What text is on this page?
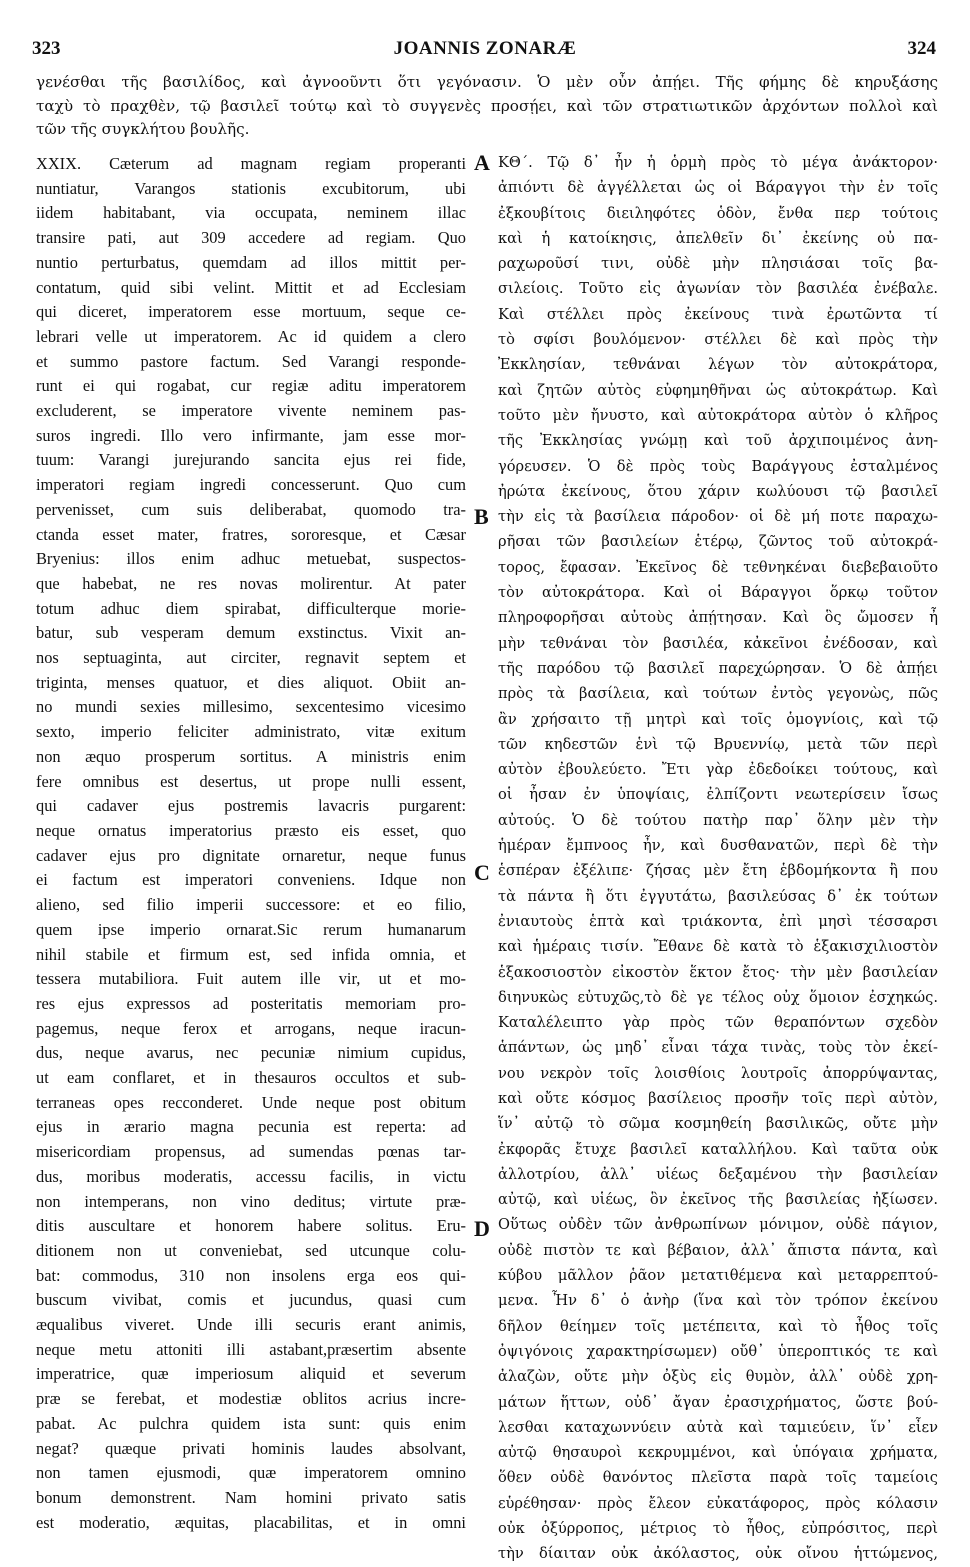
323	JOANNIS ZONARÆ	324
γενέσθαι τῆς βασιλίδος, καὶ ἀγνοοῦντι ὅτι γεγόνασιν. Ὁ μὲν οὖν ἀπῄει. Τῆς φήμης δὲ κηρυξάσης
ταχὺ τὸ πραχθὲν, τῷ βασιλεῖ τούτῳ καὶ τὸ συγγενὲς προσῄει, καὶ τῶν στρατιωτικῶν ἀρχόντων πολλοὶ καὶ
τῶν τῆς συγκλήτου βουλῆς.
XXIX. Cæterum ad magnam regiam properanti
nuntiatur, Varangos stationis excubitorum, ubi
iidem habitabant, via occupata, neminem illac
transire pati, aut 309 accedere ad regiam. Quo
nuntio perturbatus, quemdam ad illos mittit per-
contatum, quid sibi velint. Mittit et ad Ecclesiam
qui diceret, imperatorem esse mortuum, seque ce-
lebrari velle ut imperatorem. Ac id quidem a clero
et summo pastore factum. Sed Varangi responde-
runt ei qui rogabat, cur regiæ aditu imperatorem
excluderent, se imperatore vivente neminem pas-
suros ingredi. Illo vero infirmante, jam esse mor-
tuum: Varangi jurejurando sancita ejus rei fide,
imperatori regiam ingredi concesserunt. Quo cum
pervenisset, cum suis deliberabat, quomodo tra-
ctanda esset mater, fratres, sororesque, et Cæsar
Bryenius: illos enim adhuc metuebat, suspectos-
que habebat, ne res novas molirentur. At pater
totum adhuc diem spirabat, difficulterque morie-
batur, sub vesperam demum exstinctus. Vixit an-
nos septuaginta, aut circiter, regnavit septem et
triginta, menses quatuor, et dies aliquot. Obiit an-
no mundi sexies millesimo, sexcentesimo vicesimo
sexto, imperio feliciter administrato, vitæ exitum
non æquo prosperum sortitus. A ministris enim
fere omnibus est desertus, ut prope nulli essent,
qui cadaver ejus postremis lavacris purgarent:
neque ornatus imperatorius præsto eis esset, quo
cadaver ejus pro dignitate ornaretur, neque funus
ei factum est imperatori conveniens. Idque non
alieno, sed filio imperii successore: et eo filio,
quem ipse imperio ornarat.Sic rerum humanarum
nihil stabile et firmum est, sed infida omnia, et
tessera mutabiliora. Fuit autem ille vir, ut et mo-
res ejus expressos ad posteritatis memoriam pro-
pagemus, neque ferox et arrogans, neque iracun-
dus, neque avarus, nec pecuniæ nimium cupidus,
ut eam conflaret, et in thesauros occultos et sub-
terraneas opes recconderet. Unde neque post obitum
ejus in ærario magna pecunia est reperta: ad
misericordiam propensus, ad sumendas pœnas tar-
dus, moribus moderatis, accessu facilis, in victu
non intemperans, non vino deditus; virtute præ-
ditis auscultare et honorem habere solitus. Eru-
ditionem non ut conveniebat, sed utcunque colu-
bat: commodus, 310 non insolens erga eos qui-
buscum vivibat, comis et jucundus, quasi cum
æqualibus viveret. Unde illi securis erant animis,
neque metu attoniti illi astabant,præsertim absente
imperatrice, quæ imperiosum aliquid et severum
præ se ferebat, et modestiæ oblitos acrius incre-
pabat. Ac pulchra quidem ista sunt: quis enim
negat? quæque privati hominis laudes absolvant,
non tamen ejusmodi, quæ imperatorem omnino
bonum demonstrent. Nam homini privato satis
est moderatio, æquitas, placabilitas, et in omni
ΚΘ΄. Τῷ δ᾽ ἦν ἡ ὁρμὴ πρὸς τὸ μέγα ἀνάκτορον·
ἀπιόντι δὲ ἀγγέλλεται ὡς οἱ Βάραγγοι τὴν ἐν τοῖς
ἐξκουβίτοις διειληφότες ὁδὸν, ἔνθα περ τούτοις
καὶ ἡ κατοίκησις, ἀπελθεῖν δι᾽ ἐκείνης οὐ πα-
ραχωροῦσί τινι, οὐδὲ μὴν πλησιάσαι τοῖς βα-
σιλείοις. Τοῦτο εἰς ἀγωνίαν τὸν βασιλέα ἐνέβαλε.
Καὶ στέλλει πρὸς ἐκείνους τινὰ ἐρωτῶντα τί
τὸ σφίσι βουλόμενον· στέλλει δὲ καὶ πρὸς τὴν
Ἐκκλησίαν, τεθνάναι λέγων τὸν αὐτοκράτορα,
καὶ ζητῶν αὐτὸς εὐφημηθῆναι ὡς αὐτοκράτωρ. Καὶ
τοῦτο μὲν ἤνυστο, καὶ αὐτοκράτορα αὐτὸν ὁ κλῆρος
τῆς Ἐκκλησίας γνώμῃ καὶ τοῦ ἀρχιποιμένος ἀνη-
γόρευσεν. Ὁ δὲ πρὸς τοὺς Βαράγγους ἐσταλμένος
ἠρώτα ἐκείνους, ὅτου χάριν κωλύουσι τῷ βασιλεῖ
τὴν εἰς τὰ βασίλεια πάροδον· οἱ δὲ μή ποτε παραχω-
ρῆσαι τῶν βασιλείων ἑτέρῳ, ζῶντος τοῦ αὐτοκρά-
τορος, ἔφασαν. Ἐκεῖνος δὲ τεθνηκέναι διεβεβαιοῦτο
τὸν αὐτοκράτορα. Καὶ οἱ Βάραγγοι ὅρκῳ τοῦτον
πληροφορῆσαι αὐτοὺς ἀπῄτησαν. Καὶ ὃς ὤμοσεν ἦ
μὴν τεθνάναι τὸν βασιλέα, κἀκεῖνοι ἐνέδοσαν, καὶ
τῆς παρόδου τῷ βασιλεῖ παρεχώρησαν. Ὁ δὲ ἀπῄει
πρὸς τὰ βασίλεια, καὶ τούτων ἐντὸς γεγονὼς, πῶς
ἂν χρήσαιτο τῇ μητρὶ καὶ τοῖς ὁμογνίοις, καὶ τῷ
τῶν κηδεστῶν ἑνὶ τῷ Βρυεννίῳ, μετὰ τῶν περὶ
αὐτὸν ἐβουλεύετο. Ἔτι γὰρ ἐδεδοίκει τούτους, καὶ
οἱ ἦσαν ἐν ὑποψίαις, ἐλπίζοντι νεωτερίσειν ἴσως
αὐτούς. Ὁ δὲ τούτου πατὴρ παρ᾽ ὅλην μὲν τὴν
ἡμέραν ἔμπνοος ἦν, καὶ δυσθανατῶν, περὶ δὲ τὴν
ἑσπέραν ἐξέλιπε· ζήσας μὲν ἔτη ἑβδομήκοντα ἢ που
τὰ πάντα ἢ ὅτι ἐγγυτάτω, βασιλεύσας δ᾽ ἐκ τούτων
ἐνιαυτοὺς ἑπτὰ καὶ τριάκοντα, ἐπὶ μησὶ τέσσαρσι
καὶ ἡμέραις τισίν. Ἔθανε δὲ κατὰ τὸ ἑξακισχιλιοστὸν
ἑξακοσιοστὸν εἰκοστὸν ἕκτον ἔτος· τὴν μὲν βασιλείαν
διηνυκὼς εὐτυχῶς,τὸ δὲ γε τέλος οὐχ ὅμοιον ἐσχηκώς.
Καταλέλειπτο γὰρ πρὸς τῶν θεραπόντων σχεδὸν
ἁπάντων, ὡς μηδ᾽ εἶναι τάχα τινὰς, τοὺς τὸν ἐκεί-
νου νεκρὸν τοῖς λοισθίοις λουτροῖς ἀπορρύψαντας,
καὶ οὔτε κόσμος βασίλειος προσῆν τοῖς περὶ αὐτὸν,
ἵν᾽ αὐτῷ τὸ σῶμα κοσμηθείη βασιλικῶς, οὔτε μὴν
ἐκφορᾶς ἔτυχε βασιλεῖ καταλλήλου. Καὶ ταῦτα οὐκ
ἀλλοτρίου, ἀλλ᾽ υἱέως δεξαμένου τὴν βασιλείαν
αὐτῷ, καὶ υἱέως, ὃν ἐκεῖνος τῆς βασιλείας ἠξίωσεν.
Οὕτως οὐδὲν τῶν ἀνθρωπίνων μόνιμον, οὐδὲ πάγιον,
οὐδὲ πιστὸν τε καὶ βέβαιον, ἀλλ᾽ ἄπιστα πάντα, καὶ
κύβου μᾶλλον ῥᾶον μετατιθέμενα καὶ μεταρρεπτού-
μενα. Ἦν δ᾽ ὁ ἀνὴρ (ἵνα καὶ τὸν τρόπον ἐκείνου
δῆλον θείημεν τοῖς μετέπειτα, καὶ τὸ ἦθος τοῖς
ὀψιγόνοις χαρακτηρίσωμεν) οὔθ᾽ ὑπεροπτικός τε καὶ
ἀλαζὼν, οὔτε μὴν ὀξὺς εἰς θυμὸν, ἀλλ᾽ οὐδὲ χρη-
μάτων ἥττων, οὐδ᾽ ἄγαν ἐρασιχρήματος, ὥστε βού-
λεσθαι καταχωννύειν αὐτὰ καὶ ταμιεύειν, ἵν᾽ εἶεν
αὐτῷ θησαυροὶ κεκρυμμένοι, καὶ ὑπόγαια χρήματα,
ὅθεν οὐδὲ θανόντος πλεῖστα παρὰ τοῖς ταμείοις
εὑρέθησαν· πρὸς ἔλεον εὐκατάφορος, πρὸς κόλασιν
οὐκ ὀξύρροπος, μέτριος τὸ ἦθος, εὐπρόσιτος, περὶ
τὴν δίαιταν οὐκ ἀκόλαστος, οὐκ οἴνου ἡττώμενος,
A
B
C
D
